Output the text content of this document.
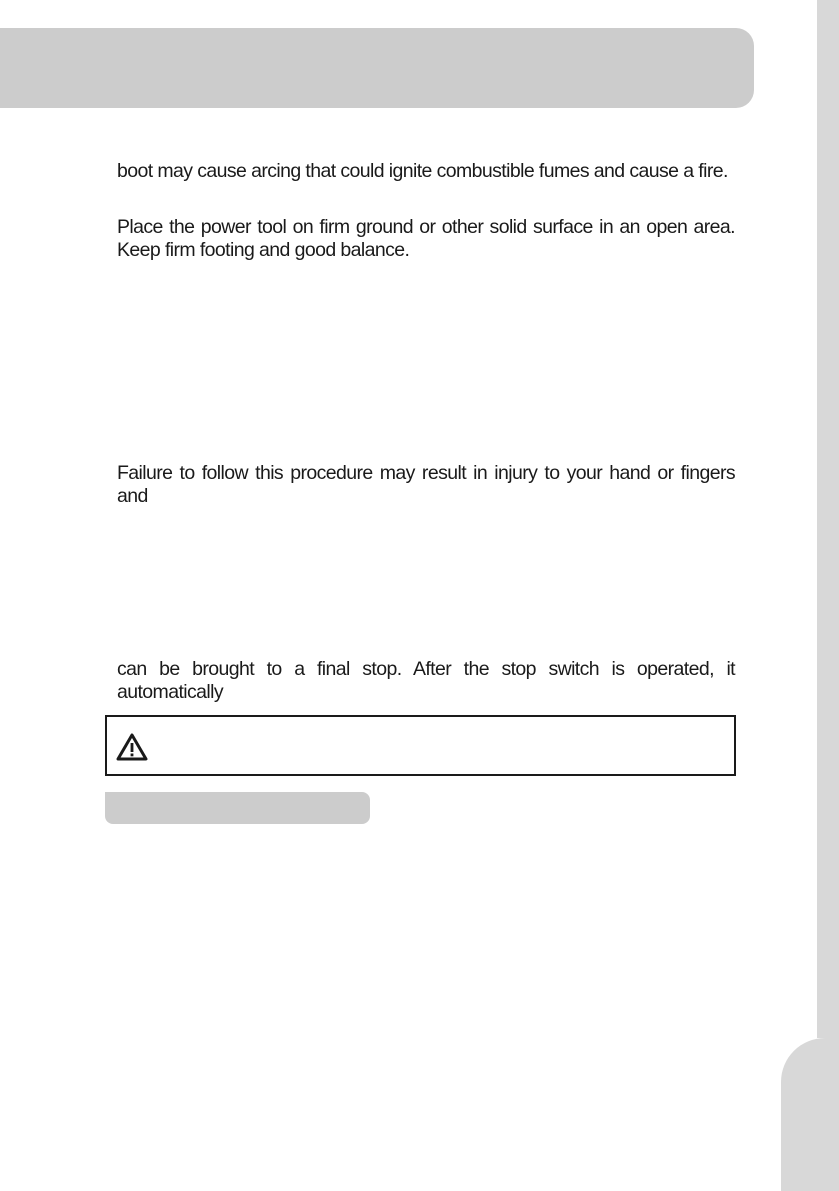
boot may cause arcing that could ignite combustible fumes and cause a fire.
Place the power tool on firm ground or other solid surface in an open area. Keep firm footing and good balance.
Failure to follow this procedure may result in injury to your hand or fingers and
can be brought to a final stop. After the stop switch is operated, it automatically
